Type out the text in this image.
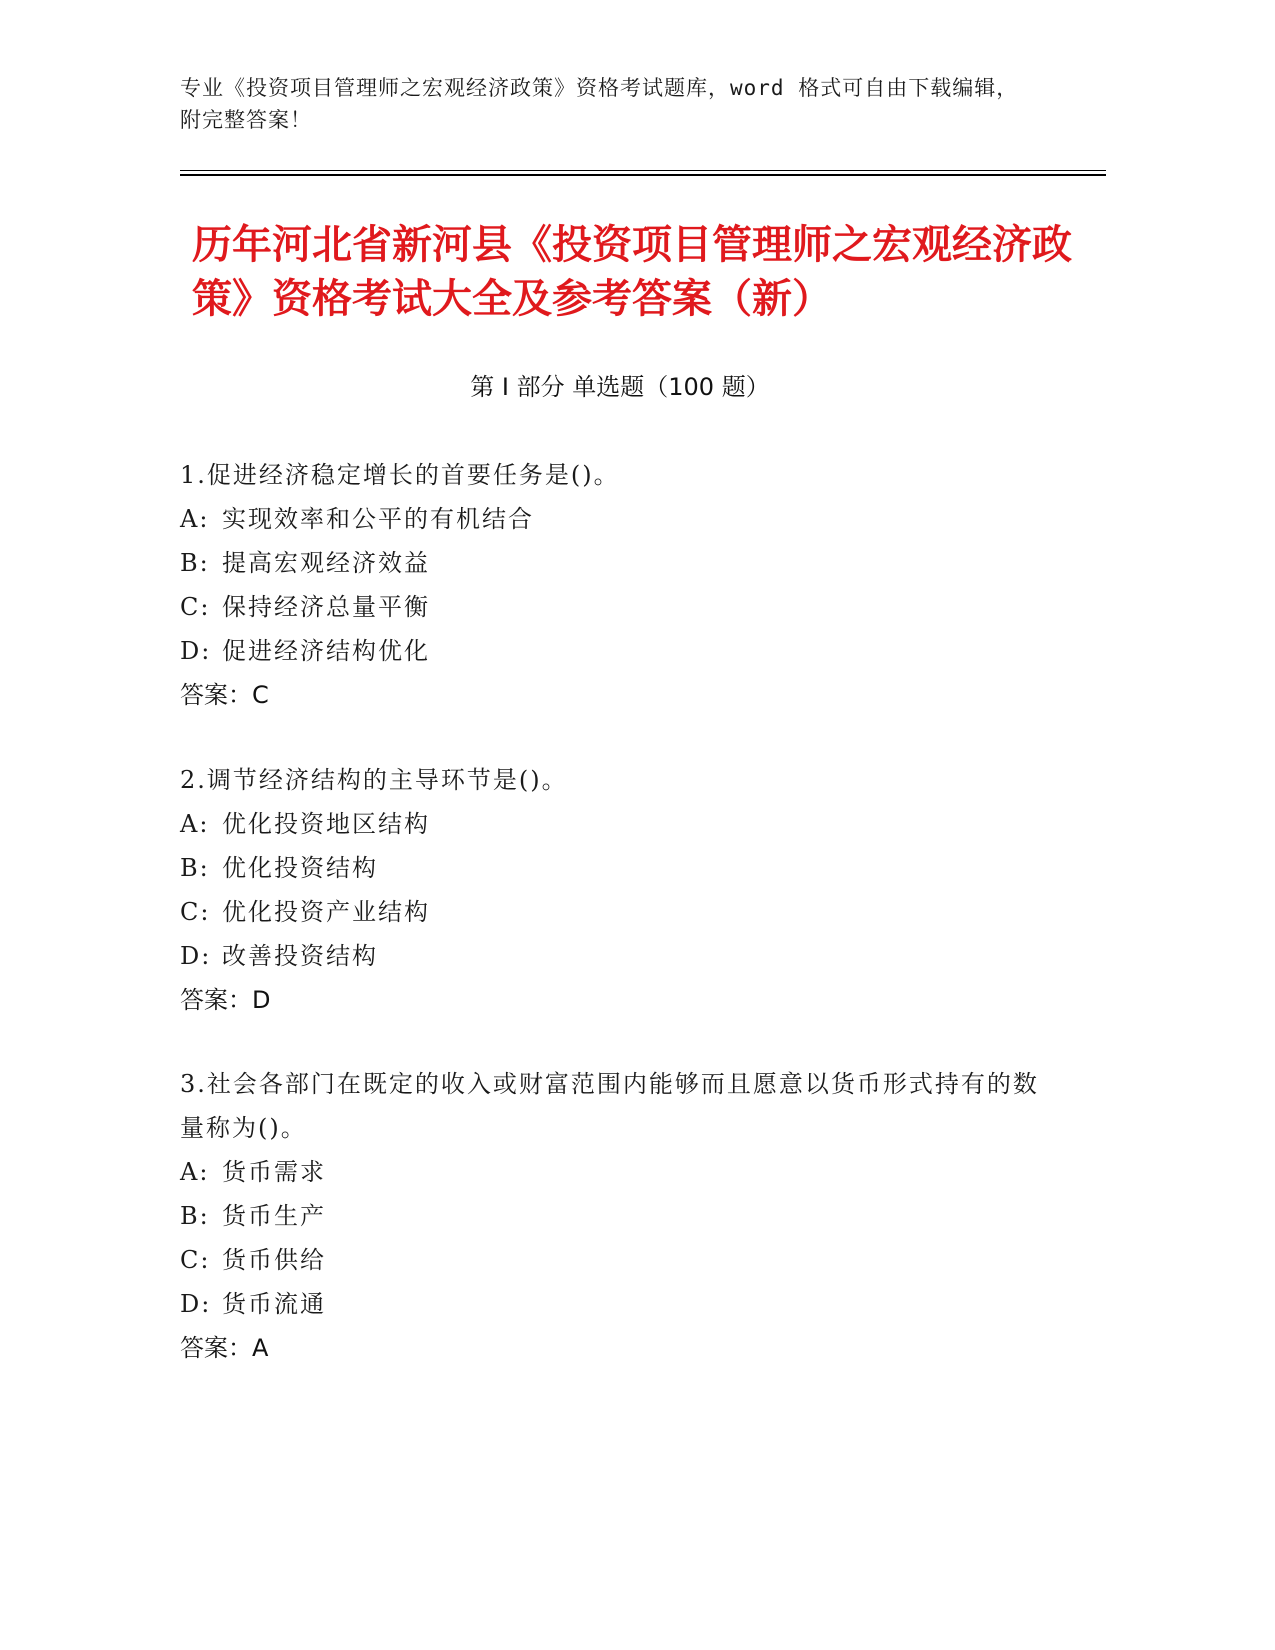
专业《投资项目管理师之宏观经济政策》资格考试题库，word 格式可自由下载编辑，附完整答案！
历年河北省新河县《投资项目管理师之宏观经济政策》资格考试大全及参考答案（新）
第 I 部分 单选题（100 题）
1.促进经济稳定增长的首要任务是()。
A: 实现效率和公平的有机结合
B: 提高宏观经济效益
C: 保持经济总量平衡
D: 促进经济结构优化
答案：C
2.调节经济结构的主导环节是()。
A: 优化投资地区结构
B: 优化投资结构
C: 优化投资产业结构
D: 改善投资结构
答案：D
3.社会各部门在既定的收入或财富范围内能够而且愿意以货币形式持有的数量称为()。
A: 货币需求
B: 货币生产
C: 货币供给
D: 货币流通
答案：A
